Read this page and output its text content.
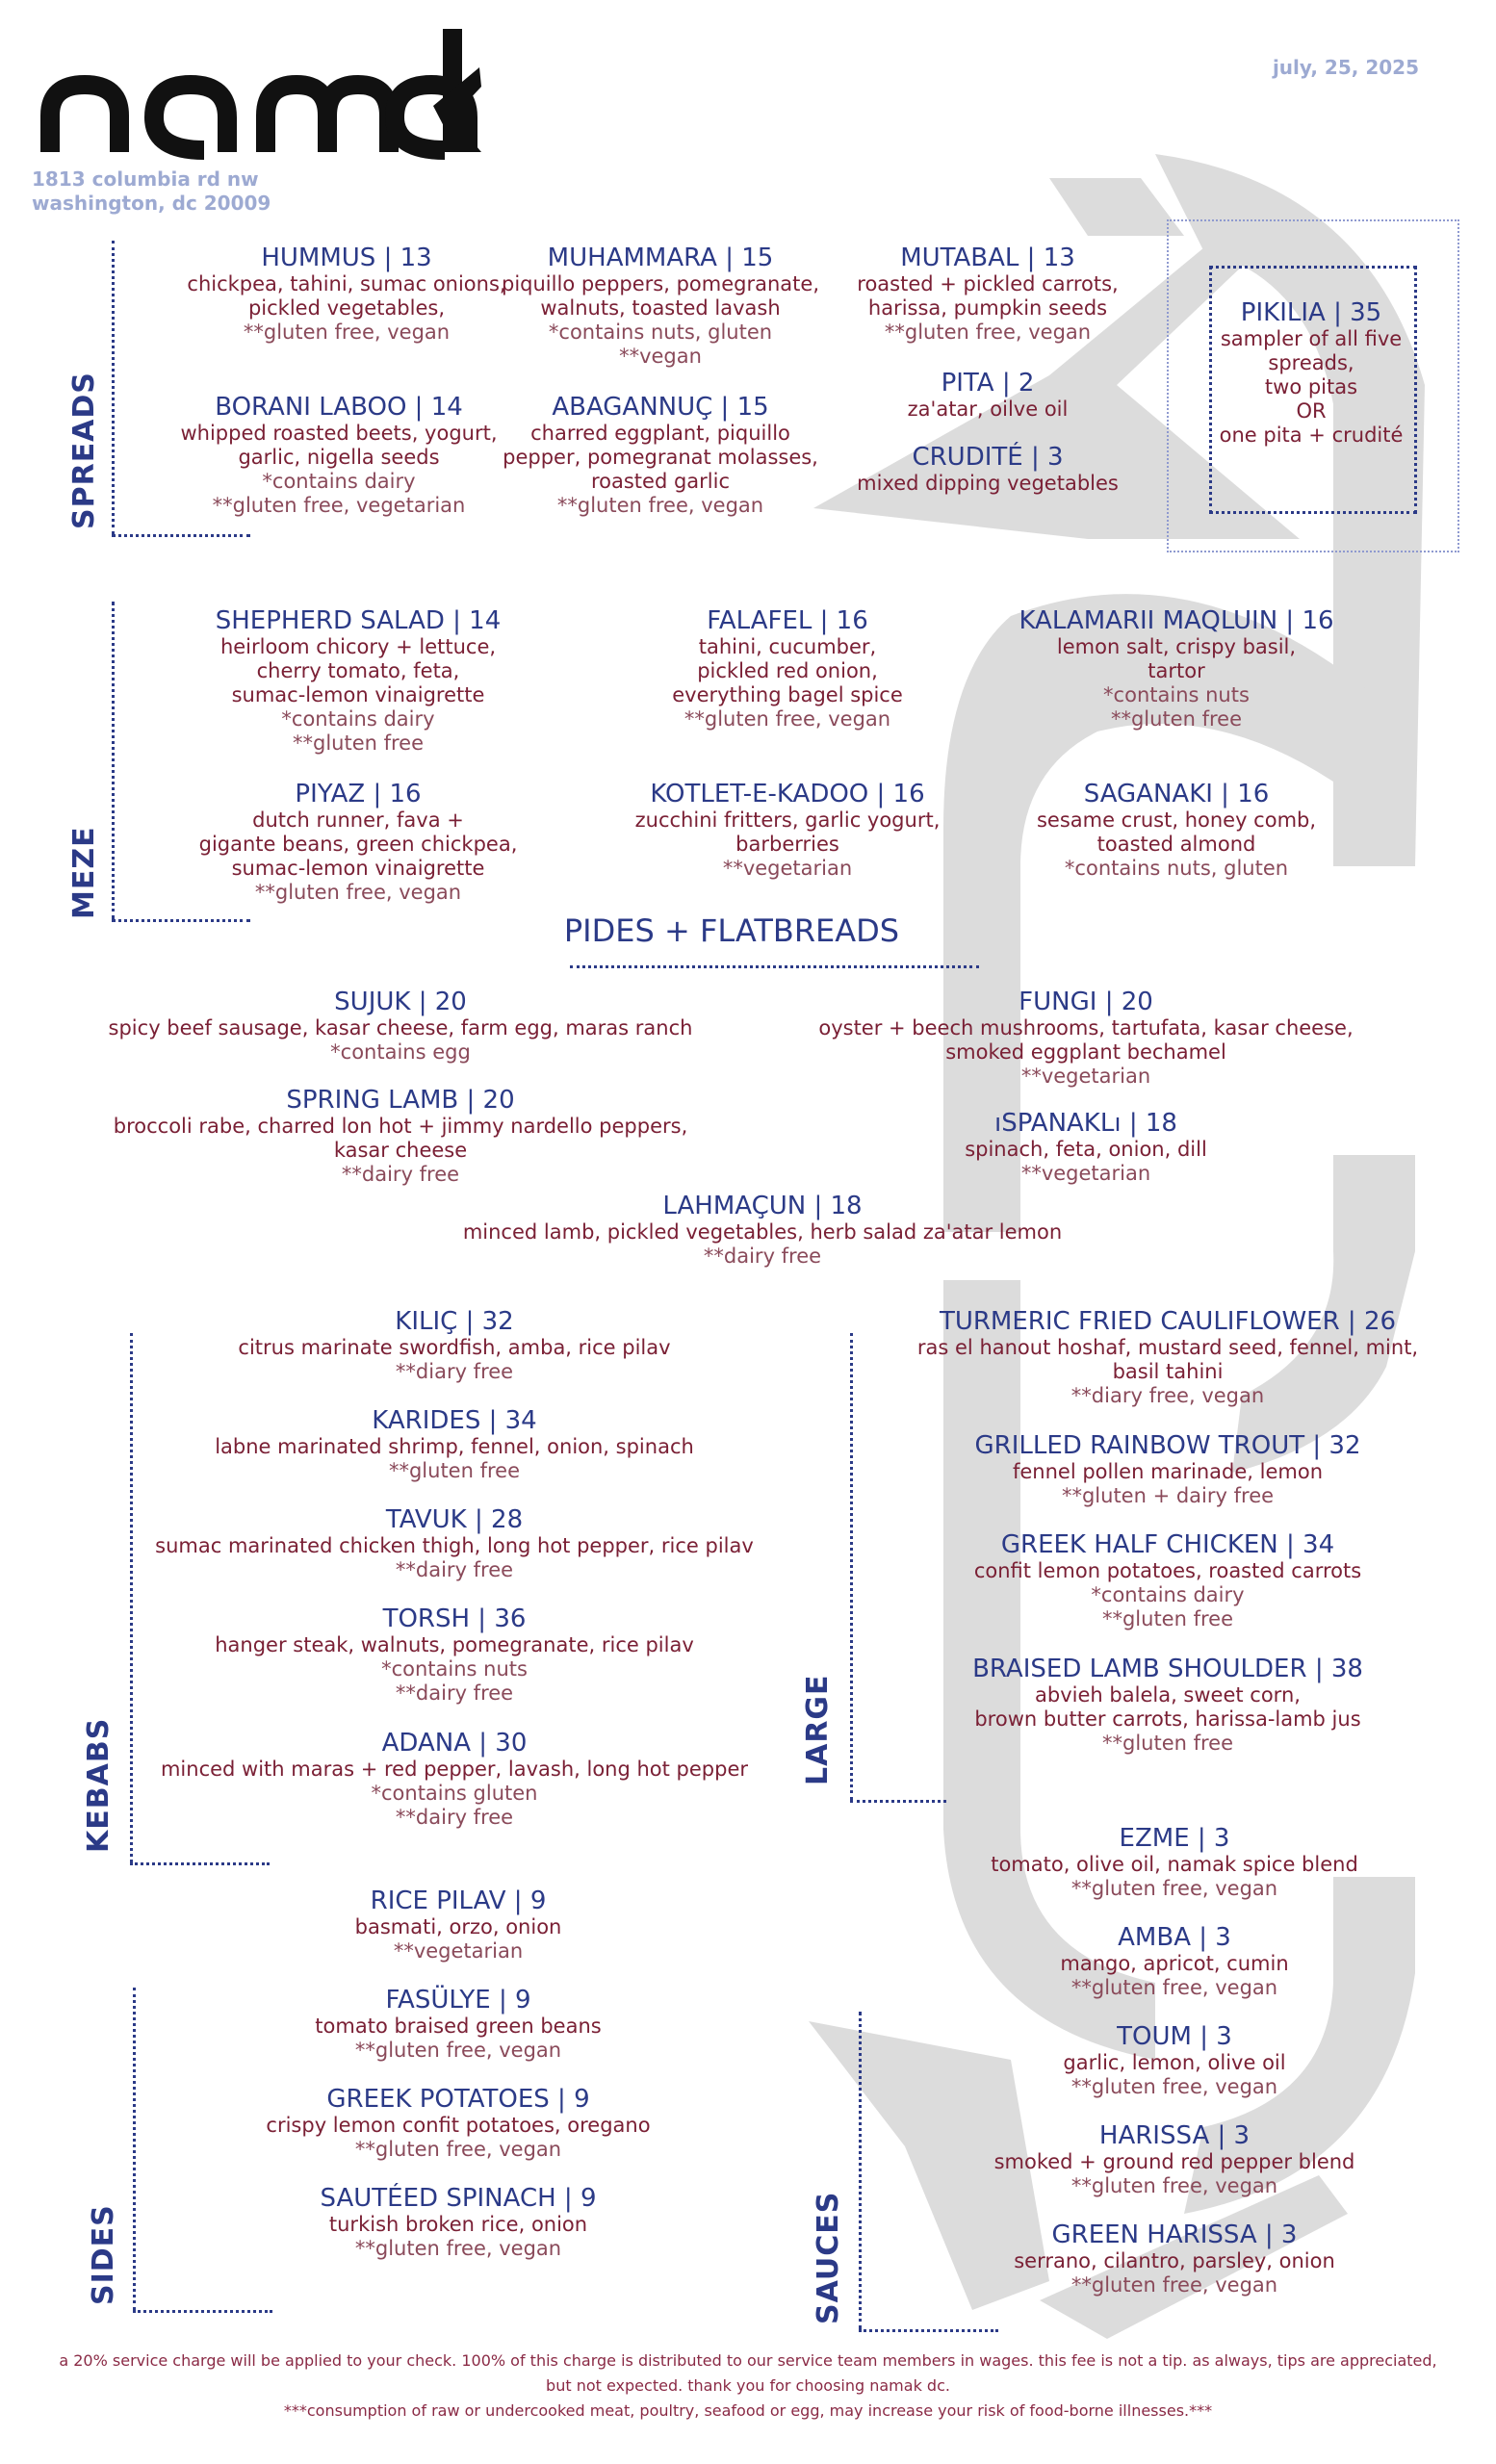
1813 columbia rd nw
washington, dc 20009
july, 25, 2025
SPREADS
MEZE
KEBABS	LARGE
SIDES	SAUCES
PIDES + FLATBREADS
HUMMUS | 13
chickpea, tahini, sumac onions,
pickled vegetables,
**gluten free, vegan
MUHAMMARA | 15
piquillo peppers, pomegranate,
walnuts, toasted lavash
*contains nuts, gluten
**vegan
MUTABAL | 13
roasted + pickled carrots,
harissa, pumpkin seeds
**gluten free, vegan
BORANI LABOO | 14
whipped roasted beets, yogurt,
garlic, nigella seeds
*contains dairy
**gluten free, vegetarian
ABAGANNUÇ | 15
charred eggplant, piquillo
pepper, pomegranat molasses,
roasted garlic
**gluten free, vegan
PITA | 2
za'atar, oilve oil
CRUDITÉ | 3
mixed dipping vegetables
PIKILIA | 35
sampler of all five
spreads,
two pitas
OR
one pita + crudité
SHEPHERD SALAD | 14
heirloom chicory + lettuce,
cherry tomato, feta,
sumac-lemon vinaigrette
*contains dairy
**gluten free
FALAFEL | 16
tahini, cucumber,
pickled red onion,
everything bagel spice
**gluten free, vegan
KALAMARII MAQLUIN | 16
lemon salt, crispy basil,
tartor
*contains nuts
**gluten free
PIYAZ | 16
dutch runner, fava +
gigante beans, green chickpea,
sumac-lemon vinaigrette
**gluten free, vegan
KOTLET-E-KADOO | 16
zucchini fritters, garlic yogurt,
barberries
**vegetarian
SAGANAKI | 16
sesame crust, honey comb,
toasted almond
*contains nuts, gluten
SUJUK | 20
spicy beef sausage, kasar cheese, farm egg, maras ranch
*contains egg
FUNGI | 20
oyster + beech mushrooms, tartufata, kasar cheese,
smoked eggplant bechamel
**vegetarian
SPRING LAMB | 20
broccoli rabe, charred lon hot + jimmy nardello peppers,
kasar cheese
**dairy free
ıSPANAKLı | 18
spinach, feta, onion, dill
**vegetarian
LAHMAÇUN | 18
minced lamb, pickled vegetables, herb salad za'atar lemon
**dairy free
KILIÇ | 32
citrus marinate swordfish, amba, rice pilav
**diary free
KARIDES | 34
labne marinated shrimp, fennel, onion, spinach
**gluten free
TAVUK | 28
sumac marinated chicken thigh, long hot pepper, rice pilav
**dairy free
TORSH | 36
hanger steak, walnuts, pomegranate, rice pilav
*contains nuts
**dairy free
ADANA | 30
minced with maras + red pepper, lavash, long hot pepper
*contains gluten
**dairy free
TURMERIC FRIED CAULIFLOWER | 26
ras el hanout hoshaf, mustard seed, fennel, mint,
basil tahini
**diary free, vegan
GRILLED RAINBOW TROUT | 32
fennel pollen marinade, lemon
**gluten + dairy free
GREEK HALF CHICKEN | 34
confit lemon potatoes, roasted carrots
*contains dairy
**gluten free
BRAISED LAMB SHOULDER | 38
abvieh balela, sweet corn,
brown butter carrots, harissa-lamb jus
**gluten free
RICE PILAV | 9
basmati, orzo, onion
**vegetarian
FASÜLYE | 9
tomato braised green beans
**gluten free, vegan
GREEK POTATOES | 9
crispy lemon confit potatoes, oregano
**gluten free, vegan
SAUTÉED SPINACH | 9
turkish broken rice, onion
**gluten free, vegan
EZME | 3
tomato, olive oil, namak spice blend
**gluten free, vegan
AMBA | 3
mango, apricot, cumin
**gluten free, vegan
TOUM | 3
garlic, lemon, olive oil
**gluten free, vegan
HARISSA | 3
smoked + ground red pepper blend
**gluten free, vegan
GREEN HARISSA | 3
serrano, cilantro, parsley, onion
**gluten free, vegan
a 20% service charge will be applied to your check. 100% of this charge is distributed to our service team members in wages. this fee is not a tip. as always, tips are appreciated,
but not expected. thank you for choosing namak dc.
***consumption of raw or undercooked meat, poultry, seafood or egg, may increase your risk of food-borne illnesses.***
